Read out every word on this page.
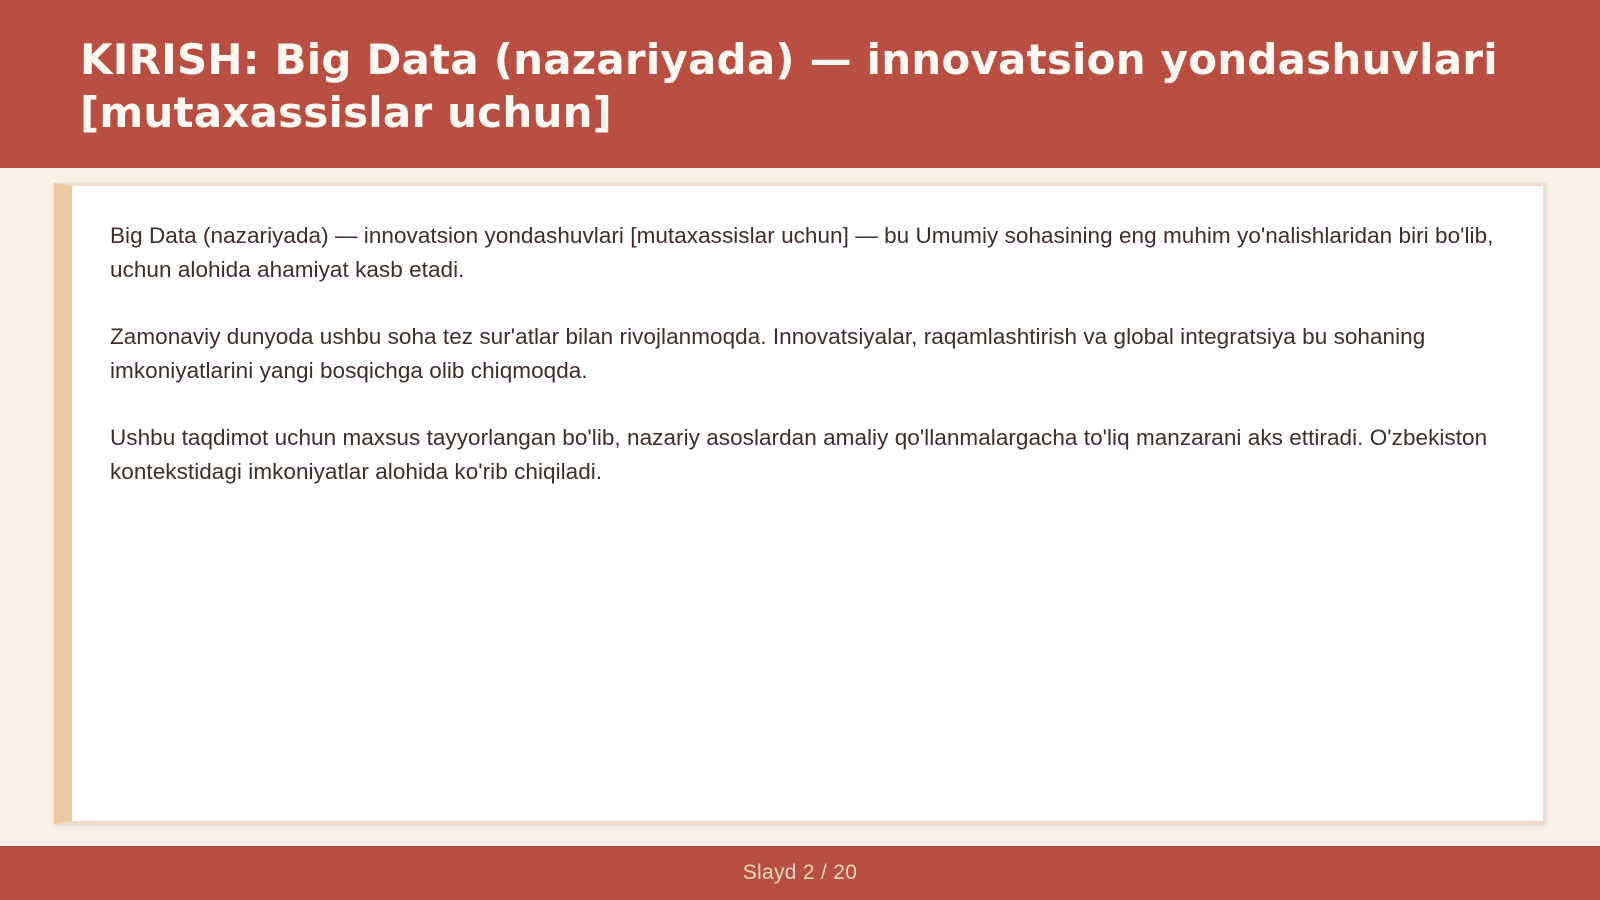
KIRISH: Big Data (nazariyada) — innovatsion yondashuvlari [mutaxassislar uchun]

Big Data (nazariyada) — innovatsion yondashuvlari [mutaxassislar uchun] — bu Umumiy sohasining eng muhim yo'nalishlaridan biri bo'lib, uchun alohida ahamiyat kasb etadi.

Zamonaviy dunyoda ushbu soha tez sur'atlar bilan rivojlanmoqda. Innovatsiyalar, raqamlashtirish va global integratsiya bu sohaning imkoniyatlarini yangi bosqichga olib chiqmoqda.

Ushbu taqdimot uchun maxsus tayyorlangan bo'lib, nazariy asoslardan amaliy qo'llanmalargacha to'liq manzarani aks ettiradi. O'zbekiston kontekstidagi imkoniyatlar alohida ko'rib chiqiladi.

Slayd 2 / 20
